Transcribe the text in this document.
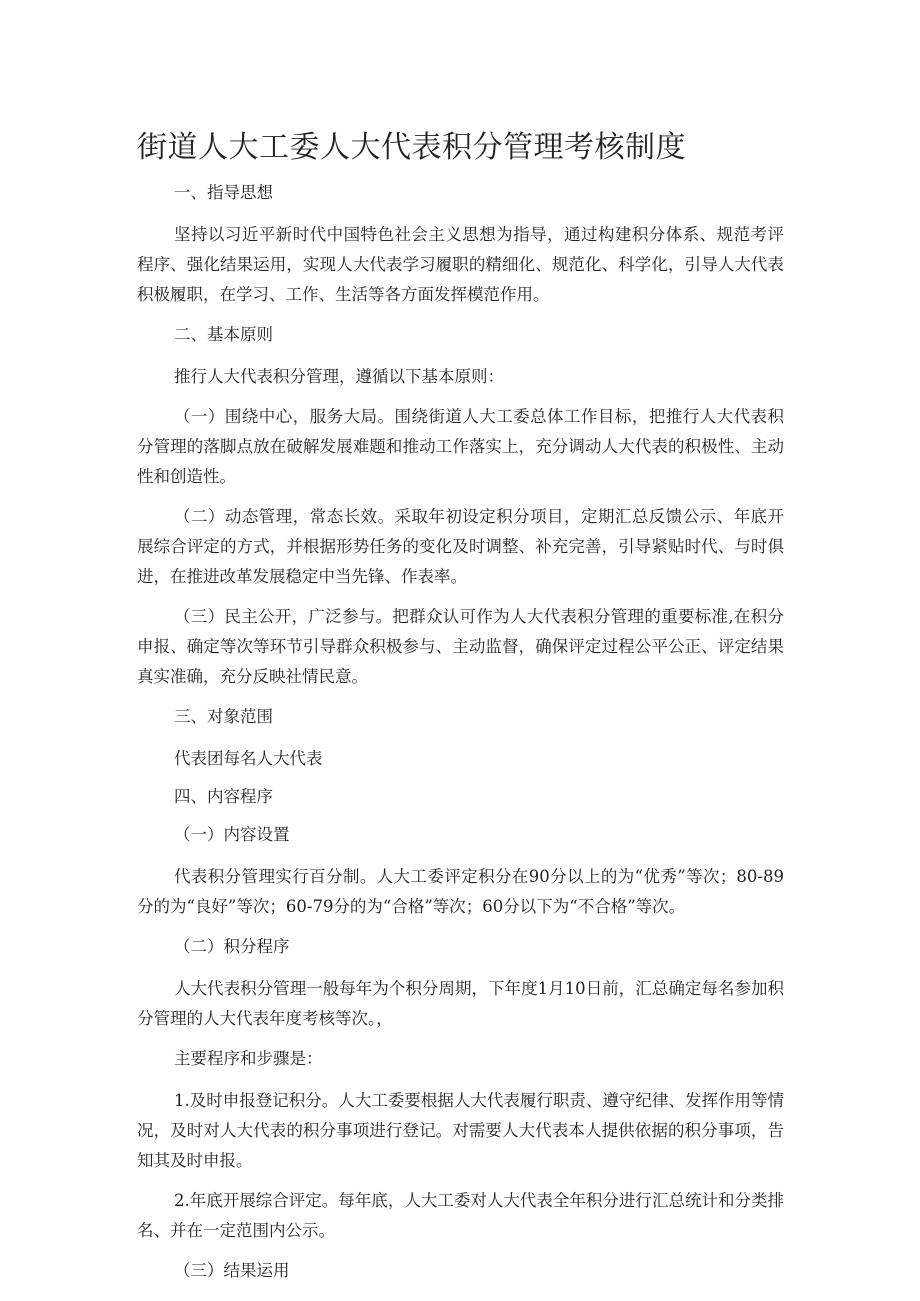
街道人大工委人大代表积分管理考核制度

一、指导思想

坚持以习近平新时代中国特色社会主义思想为指导，通过构建积分体系、规范考评程序、强化结果运用，实现人大代表学习履职的精细化、规范化、科学化，引导人大代表积极履职，在学习、工作、生活等各方面发挥模范作用。

二、基本原则

推行人大代表积分管理，遵循以下基本原则：

（一）围绕中心，服务大局。围绕街道人大工委总体工作目标，把推行人大代表积分管理的落脚点放在破解发展难题和推动工作落实上，充分调动人大代表的积极性、主动性和创造性。

（二）动态管理，常态长效。采取年初设定积分项目，定期汇总反馈公示、年底开展综合评定的方式，并根据形势任务的变化及时调整、补充完善，引导紧贴时代、与时俱进，在推进改革发展稳定中当先锋、作表率。

（三）民主公开，广泛参与。把群众认可作为人大代表积分管理的重要标准,在积分申报、确定等次等环节引导群众积极参与、主动监督，确保评定过程公平公正、评定结果真实准确，充分反映社情民意。

三、对象范围

代表团每名人大代表

四、内容程序

（一）内容设置

代表积分管理实行百分制。人大工委评定积分在90分以上的为“优秀”等次；80-89分的为“良好”等次；60-79分的为“合格”等次；60分以下为“不合格”等次。

（二）积分程序

人大代表积分管理一般每年为个积分周期，下年度1月10日前，汇总确定每名参加积分管理的人大代表年度考核等次。，

主要程序和步骤是：

1.及时申报登记积分。人大工委要根据人大代表履行职责、遵守纪律、发挥作用等情况，及时对人大代表的积分事项进行登记。对需要人大代表本人提供依据的积分事项，告知其及时申报。

2.年底开展综合评定。每年底，人大工委对人大代表全年积分进行汇总统计和分类排名、并在一定范围内公示。

（三）结果运用
